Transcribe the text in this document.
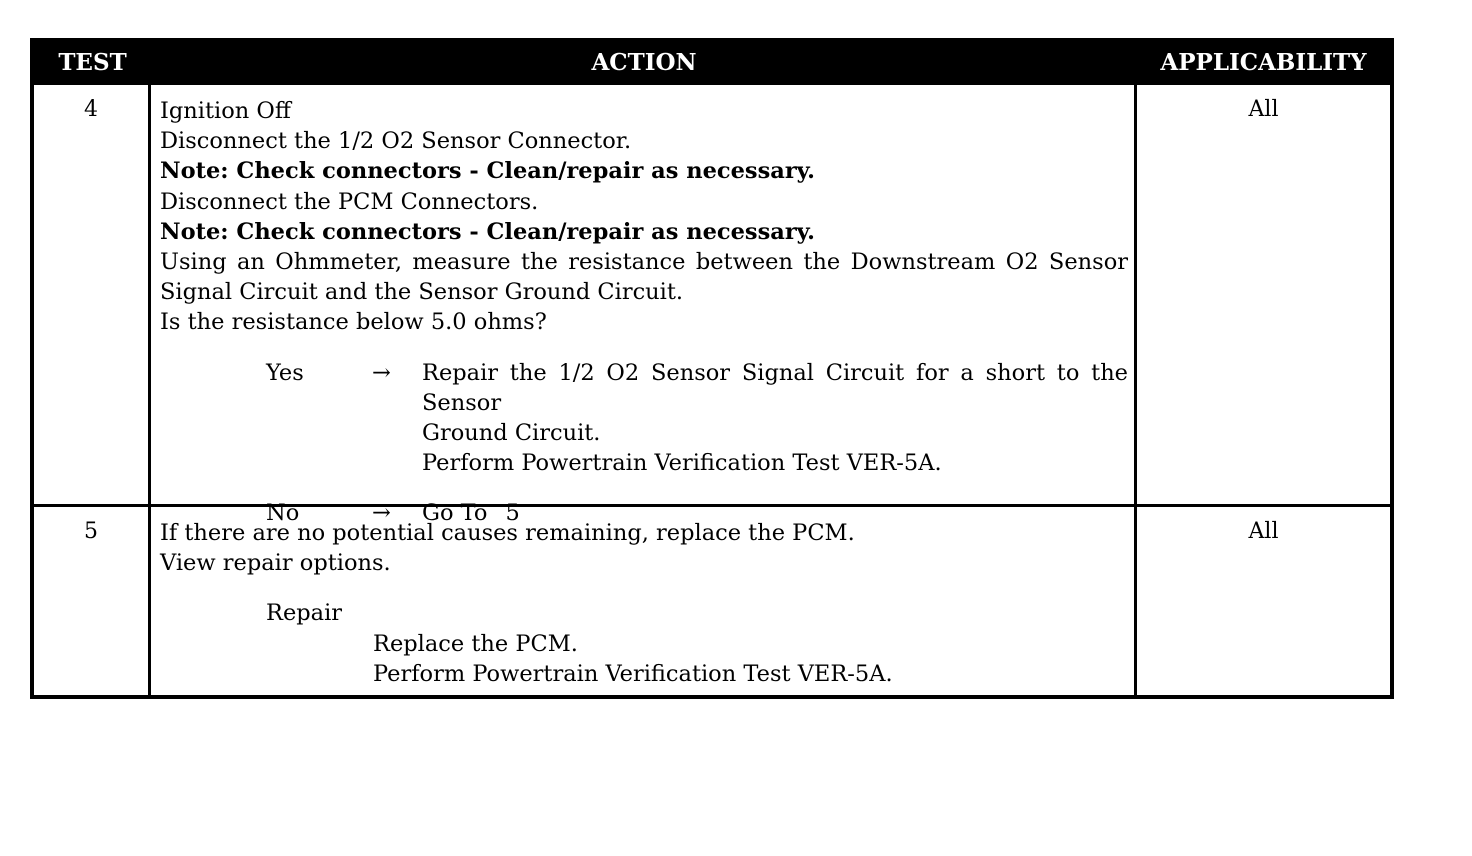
TEST	ACTION	APPLICABILITY
4	Ignition Off
Disconnect the 1/2 O2 Sensor Connector.
Note: Check connectors - Clean/repair as necessary.
Disconnect the PCM Connectors.
Note: Check connectors - Clean/repair as necessary.
Using an Ohmmeter, measure the resistance between the Downstream O2 Sensor
Signal Circuit and the Sensor Ground Circuit.
Is the resistance below 5.0 ohms?
Yes	→	Repair the 1/2 O2 Sensor Signal Circuit for a short to the Sensor
Ground Circuit.
Perform Powertrain Verification Test VER-5A.
No	→	Go To 5
All
5	If there are no potential causes remaining, replace the PCM.
View repair options.
Repair
Replace the PCM.
Perform Powertrain Verification Test VER-5A.
All
